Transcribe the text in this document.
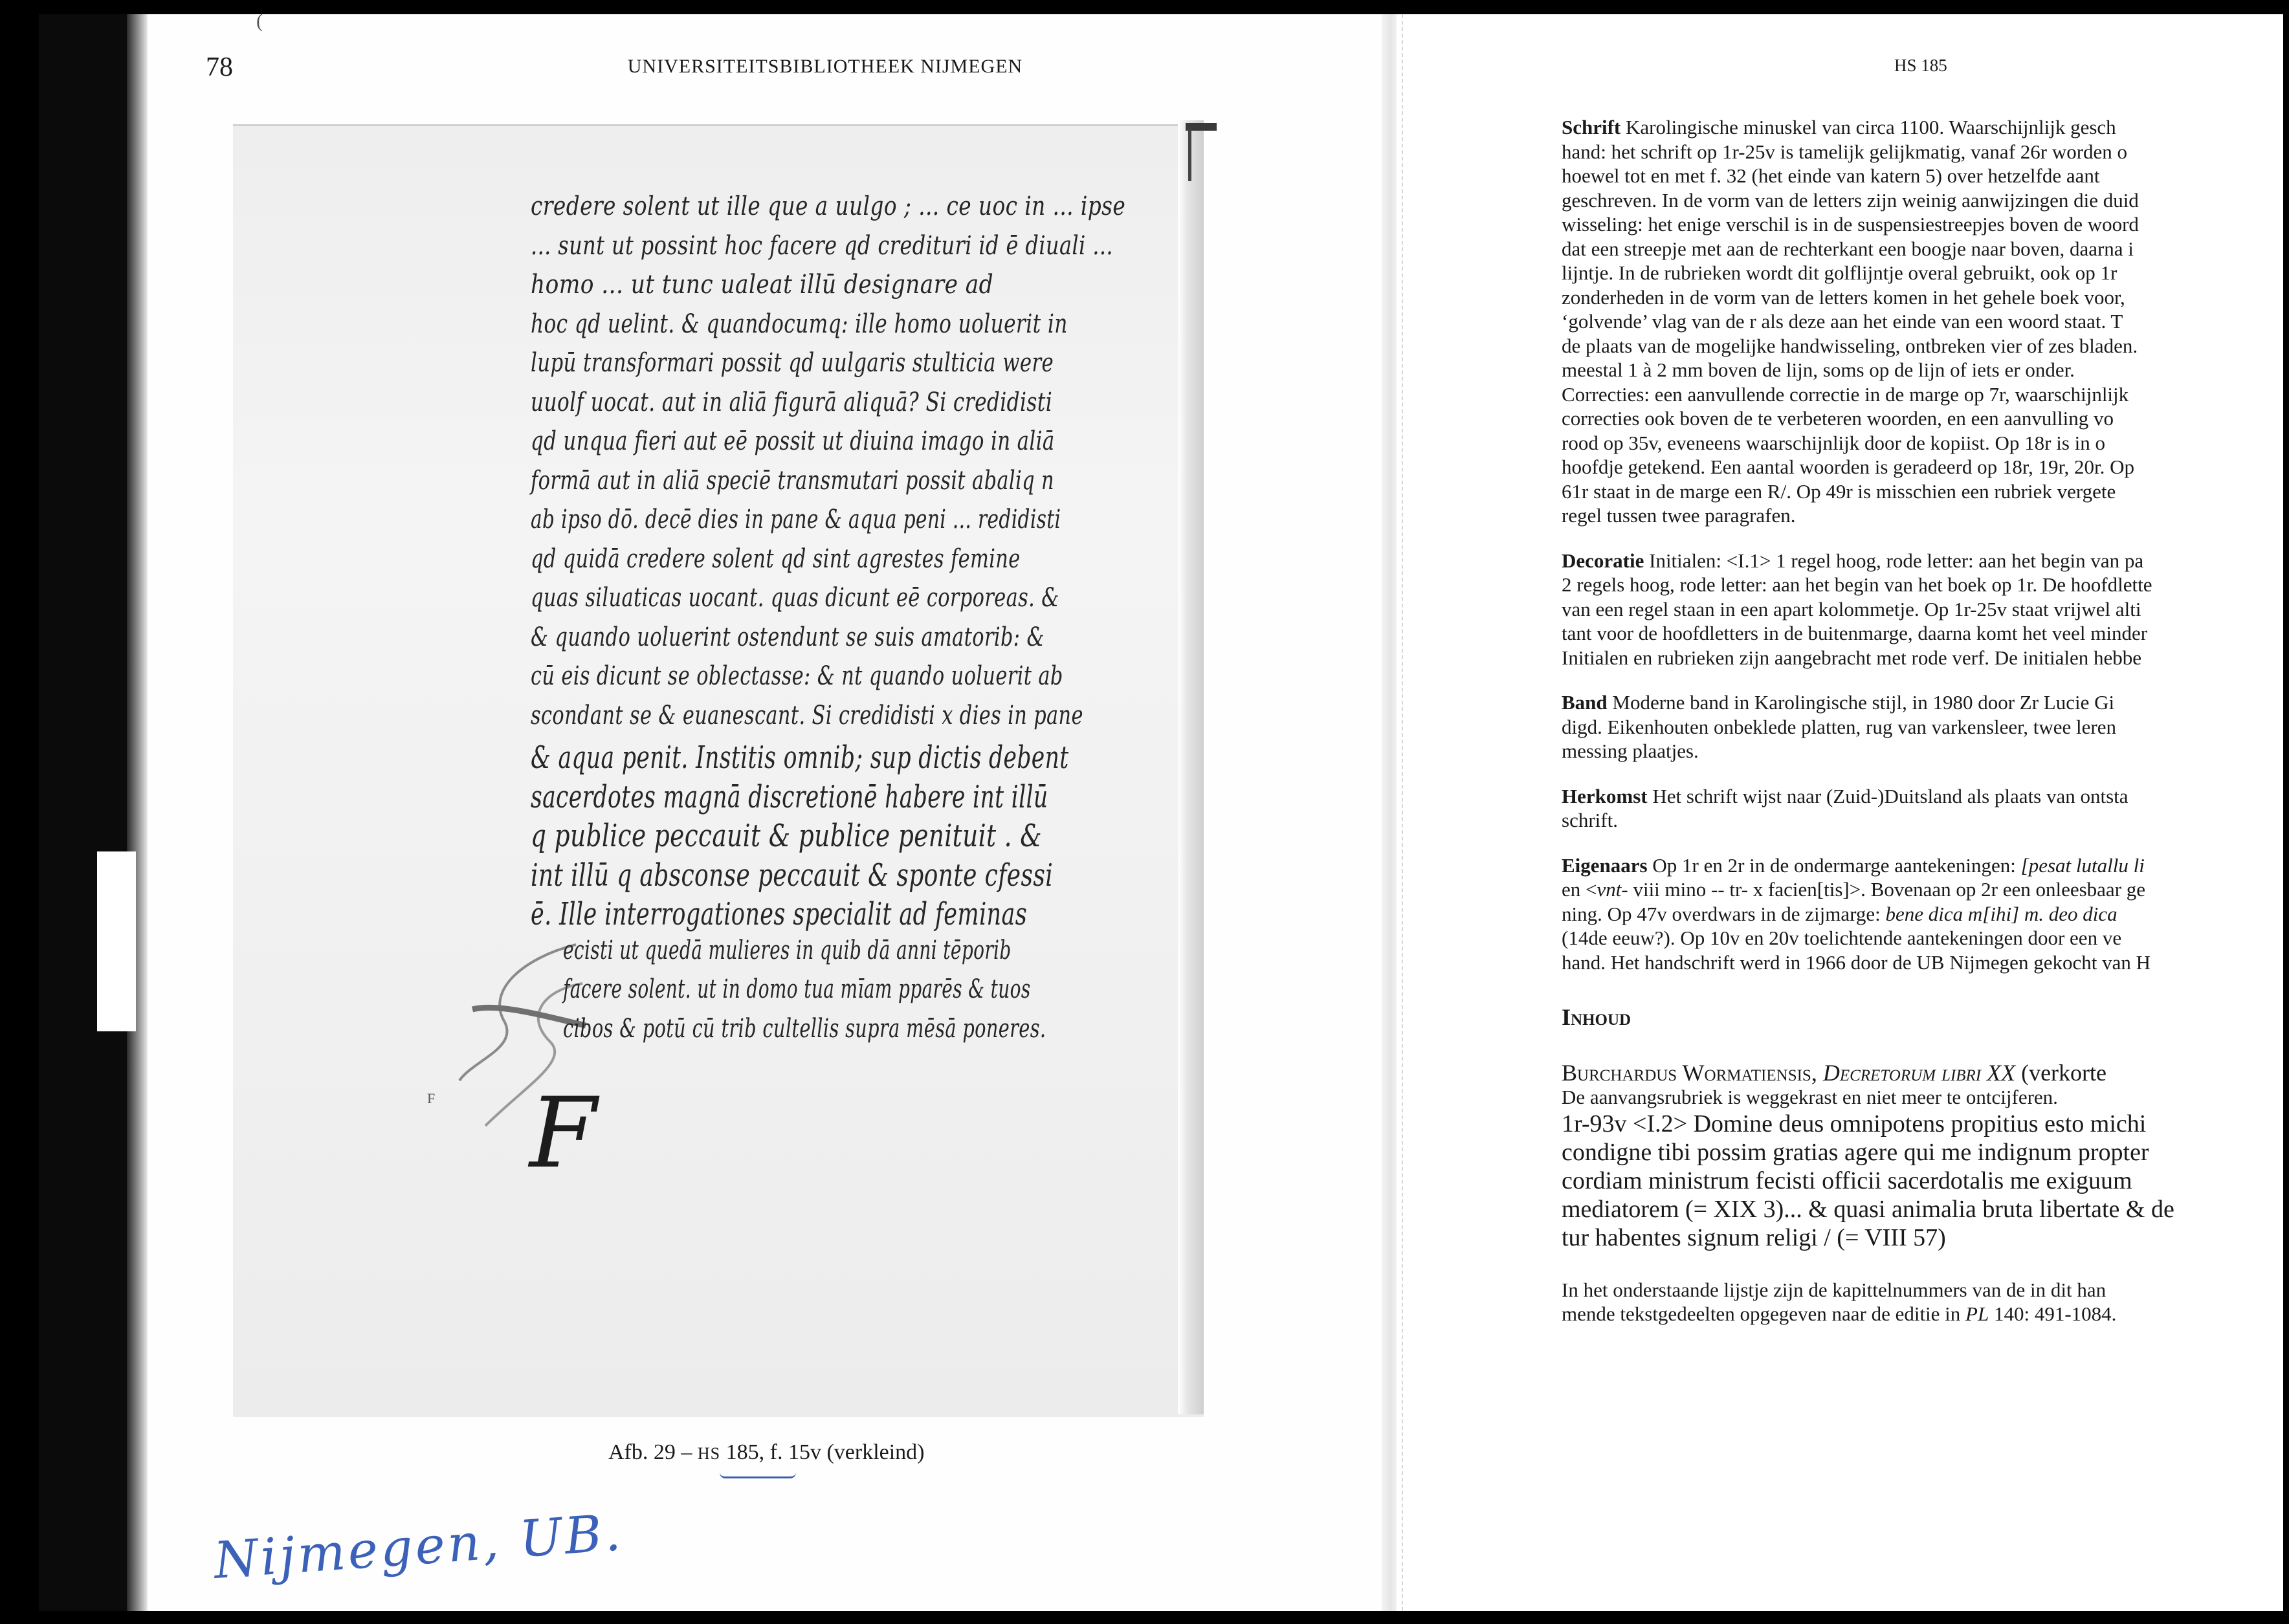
(
78	UNIVERSITEITSBIBLIOTHEEK NIJMEGEN
credere solent ut ille que a uulgo ; ... ce uoc in ... ipse
... sunt ut possint hoc facere qd credituri id ē diuali ...
homo ... ut tunc ualeat illū designare ad
hoc qd uelint. & quandocumq: ille homo uoluerit in
lupū transformari possit qd uulgaris stulticia were
uuolf uocat. aut in aliā figurā aliquā? Si credidisti
qd unqua fieri aut eē possit ut diuina imago in aliā
formā aut in aliā speciē transmutari possit abaliq n
ab ipso dō. decē dies in pane & aqua peni ... redidisti
qd quidā credere solent qd sint agrestes femine
quas siluaticas uocant. quas dicunt eē corporeas. &
& quando uoluerint ostendunt se suis amatorib: &
cū eis dicunt se oblectasse: & nt quando uoluerit ab
scondant se & euanescant. Si credidisti x dies in pane
& aqua penit. Institis omnib; sup dictis debent
sacerdotes magnā discretionē habere int illū
q publice peccauit & publice penituit . &
int illū q absconse peccauit & sponte cfessi
ē. Ille interrogationes specialit ad feminas
ecisti ut quedā mulieres in quib dā anni tēporib
facere solent. ut in domo tua mīam pparēs & tuos
cibos & potū cū trib cultellis supra mēsā poneres.
F
F
Afb. 29 – HS 185, f. 15v (verkleind)
Nijmegen, UB.
HS 185

Schrift Karolingische minuskel van circa 1100. Waarschijnlijk gesch

hand: het schrift op 1r-25v is tamelijk gelijkmatig, vanaf 26r worden o

hoewel tot en met f. 32 (het einde van katern 5) over hetzelfde aant

geschreven. In de vorm van de letters zijn weinig aanwijzingen die duid

wisseling: het enige verschil is in de suspensiestreepjes boven de woord

dat een streepje met aan de rechterkant een boogje naar boven, daarna i

lijntje. In de rubrieken wordt dit golflijntje overal gebruikt, ook op 1r

zonderheden in de vorm van de letters komen in het gehele boek voor,

‘golvende’ vlag van de r als deze aan het einde van een woord staat. T

de plaats van de mogelijke handwisseling, ontbreken vier of zes bladen.

meestal 1 à 2 mm boven de lijn, soms op de lijn of iets er onder.

Correcties: een aanvullende correctie in de marge op 7r, waarschijnlijk

correcties ook boven de te verbeteren woorden, en een aanvulling vo

rood op 35v, eveneens waarschijnlijk door de kopiist. Op 18r is in o

hoofdje getekend. Een aantal woorden is geradeerd op 18r, 19r, 20r. Op

61r staat in de marge een R/. Op 49r is misschien een rubriek vergete

regel tussen twee paragrafen.

Decoratie Initialen: <I.1> 1 regel hoog, rode letter: aan het begin van pa

2 regels hoog, rode letter: aan het begin van het boek op 1r. De hoofdlette

van een regel staan in een apart kolommetje. Op 1r-25v staat vrijwel alti

tant voor de hoofdletters in de buitenmarge, daarna komt het veel minder

Initialen en rubrieken zijn aangebracht met rode verf. De initialen hebbe

Band Moderne band in Karolingische stijl, in 1980 door Zr Lucie Gi

digd. Eikenhouten onbeklede platten, rug van varkensleer, twee leren

messing plaatjes.

Herkomst Het schrift wijst naar (Zuid-)Duitsland als plaats van ontsta

schrift.

Eigenaars Op 1r en 2r in de ondermarge aantekeningen: [pesat lutallu li

en <vnt- viii mino -- tr- x facien[tis]>. Bovenaan op 2r een onleesbaar ge

ning. Op 47v overdwars in de zijmarge: bene dica m[ihi] m. deo dica

(14de eeuw?). Op 10v en 20v toelichtende aantekeningen door een ve

hand. Het handschrift werd in 1966 door de UB Nijmegen gekocht van H

Inhoud

Burchardus Wormatiensis, Decretorum libri XX (verkorte

De aanvangsrubriek is weggekrast en niet meer te ontcijferen.

1r-93v <I.2> Domine deus omnipotens propitius esto michi

condigne tibi possim gratias agere qui me indignum propter

cordiam ministrum fecisti officii sacerdotalis me exiguum

mediatorem (= XIX 3)... & quasi animalia bruta libertate & de

tur habentes signum religi / (= VIII 57)

In het onderstaande lijstje zijn de kapittelnummers van de in dit han

mende tekstgedeelten opgegeven naar de editie in PL 140: 491-1084.
